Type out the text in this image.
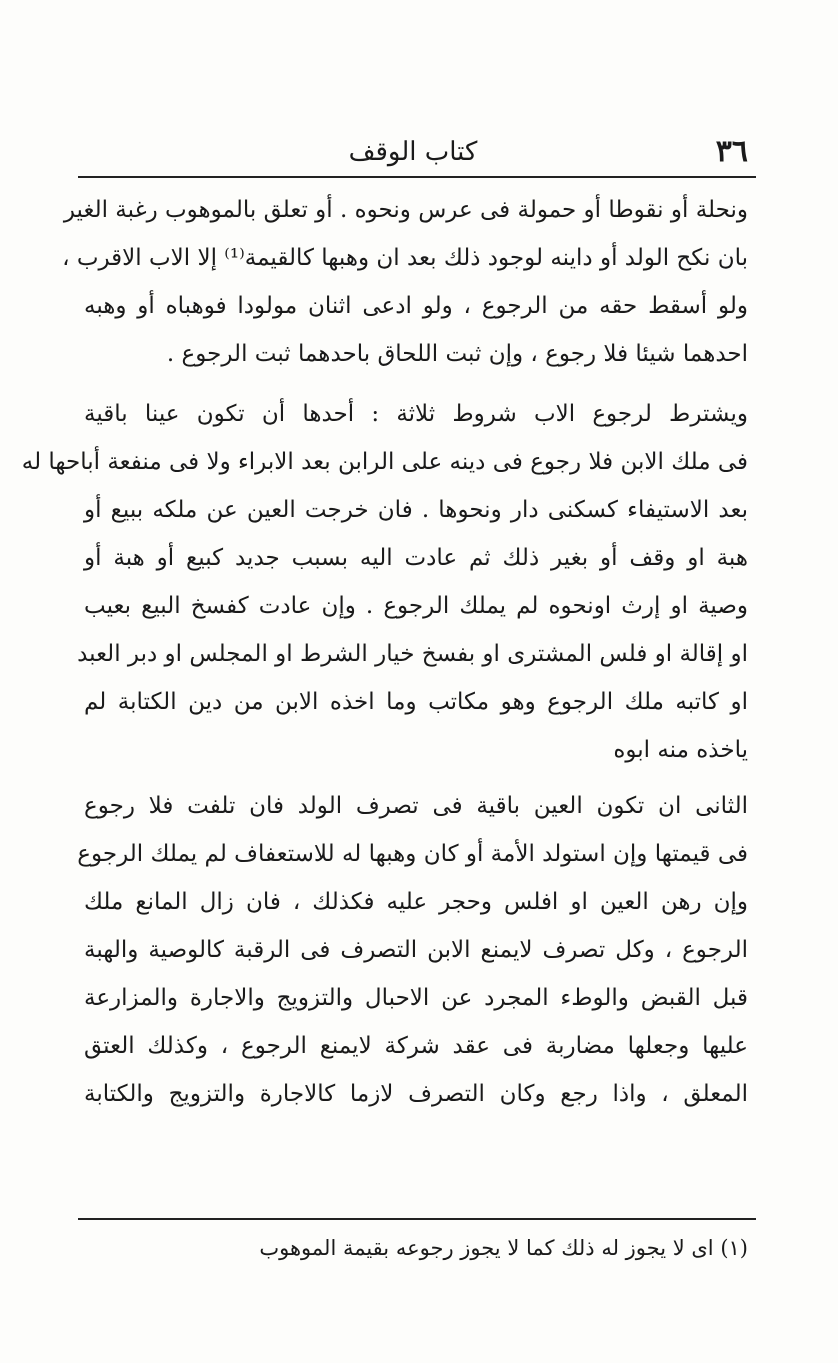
٣٦
كتاب الوقف
ونحلة أو نقوطا أو حمولة فى عرس ونحوه . أو تعلق بالموهوب رغبة الغير
بان نكح الولد أو داينه لوجود ذلك بعد ان وهبها كالقيمة⁽¹⁾ إلا الاب الاقرب ،
ولو أسقط حقه من الرجوع ، ولو ادعى اثنان مولودا فوهباه أو وهبه
احدهما شيئا فلا رجوع ، وإن ثبت اللحاق باحدهما ثبت الرجوع .
ويشترط لرجوع الاب شروط ثلاثة : أحدها أن تكون عينا باقية
فى ملك الابن فلا رجوع فى دينه على الرابن بعد الابراء ولا فى منفعة أباحها له
بعد الاستيفاء كسكنى دار ونحوها . فان خرجت العين عن ملكه ببيع أو
هبة او وقف أو بغير ذلك ثم عادت اليه بسبب جديد كبيع أو هبة أو
وصية او إرث اونحوه لم يملك الرجوع . وإن عادت كفسخ البيع بعيب
او إقالة او فلس المشترى او بفسخ خيار الشرط او المجلس او دبر العبد
او كاتبه ملك الرجوع وهو مكاتب وما اخذه الابن من دين الكتابة لم
ياخذه منه ابوه
الثانى ان تكون العين باقية فى تصرف الولد فان تلفت فلا رجوع
فى قيمتها وإن استولد الأمة أو كان وهبها له للاستعفاف لم يملك الرجوع
وإن رهن العين او افلس وحجر عليه فكذلك ، فان زال المانع ملك
الرجوع ، وكل تصرف لايمنع الابن التصرف فى الرقبة كالوصية والهبة
قبل القبض والوطء المجرد عن الاحبال والتزويج والاجارة والمزارعة
عليها وجعلها مضاربة فى عقد شركة لايمنع الرجوع ، وكذلك العتق
المعلق ، واذا رجع وكان التصرف لازما كالاجارة والتزويج والكتابة
(١) اى لا يجوز له ذلك كما لا يجوز رجوعه بقيمة الموهوب
